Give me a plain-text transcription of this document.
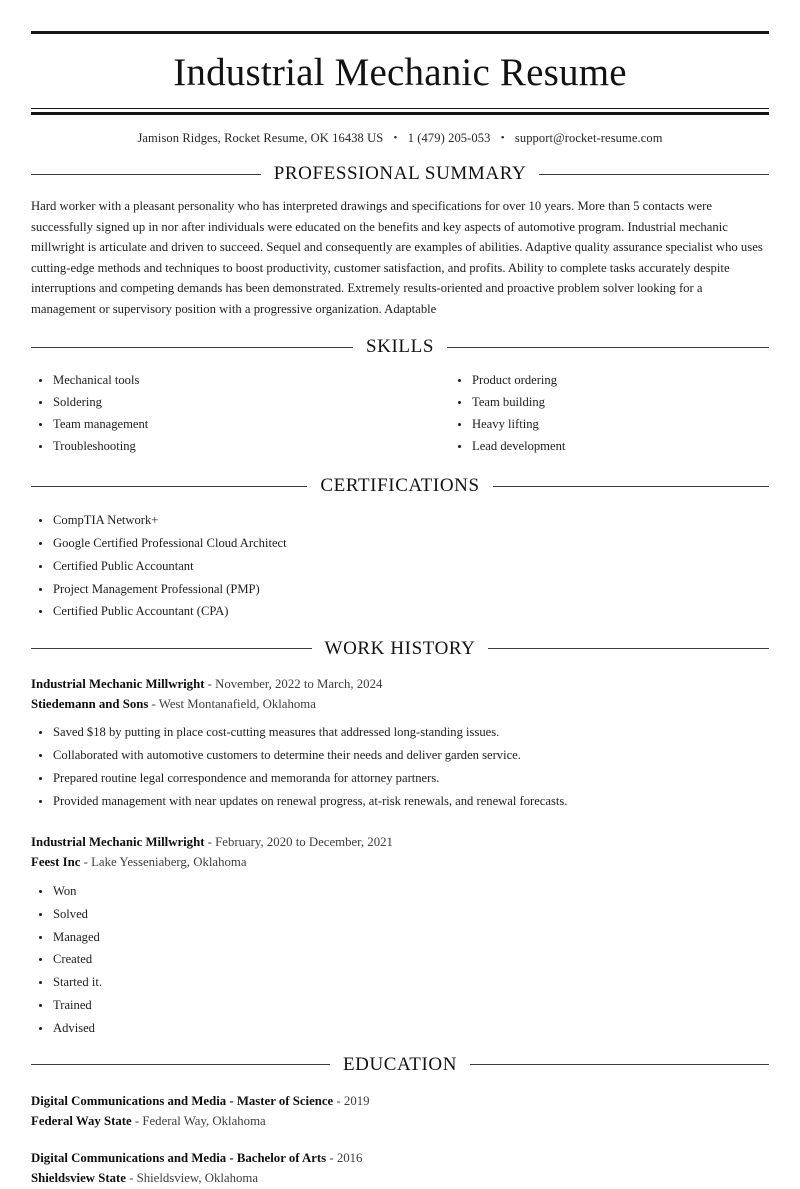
Industrial Mechanic Resume
Jamison Ridges, Rocket Resume, OK 16438 US • 1 (479) 205-053 • support@rocket-resume.com
PROFESSIONAL SUMMARY
Hard worker with a pleasant personality who has interpreted drawings and specifications for over 10 years. More than 5 contacts were successfully signed up in nor after individuals were educated on the benefits and key aspects of automotive program. Industrial mechanic millwright is articulate and driven to succeed. Sequel and consequently are examples of abilities. Adaptive quality assurance specialist who uses cutting-edge methods and techniques to boost productivity, customer satisfaction, and profits. Ability to complete tasks accurately despite interruptions and competing demands has been demonstrated. Extremely results-oriented and proactive problem solver looking for a management or supervisory position with a progressive organization. Adaptable
SKILLS
Mechanical tools
Soldering
Team management
Troubleshooting
Product ordering
Team building
Heavy lifting
Lead development
CERTIFICATIONS
CompTIA Network+
Google Certified Professional Cloud Architect
Certified Public Accountant
Project Management Professional (PMP)
Certified Public Accountant (CPA)
WORK HISTORY
Industrial Mechanic Millwright - November, 2022 to March, 2024
Stiedemann and Sons - West Montanafield, Oklahoma
Saved $18 by putting in place cost-cutting measures that addressed long-standing issues.
Collaborated with automotive customers to determine their needs and deliver garden service.
Prepared routine legal correspondence and memoranda for attorney partners.
Provided management with near updates on renewal progress, at-risk renewals, and renewal forecasts.
Industrial Mechanic Millwright - February, 2020 to December, 2021
Feest Inc - Lake Yesseniaberg, Oklahoma
Won
Solved
Managed
Created
Started it.
Trained
Advised
EDUCATION
Digital Communications and Media - Master of Science - 2019
Federal Way State - Federal Way, Oklahoma
Digital Communications and Media - Bachelor of Arts - 2016
Shieldsview State - Shieldsview, Oklahoma
